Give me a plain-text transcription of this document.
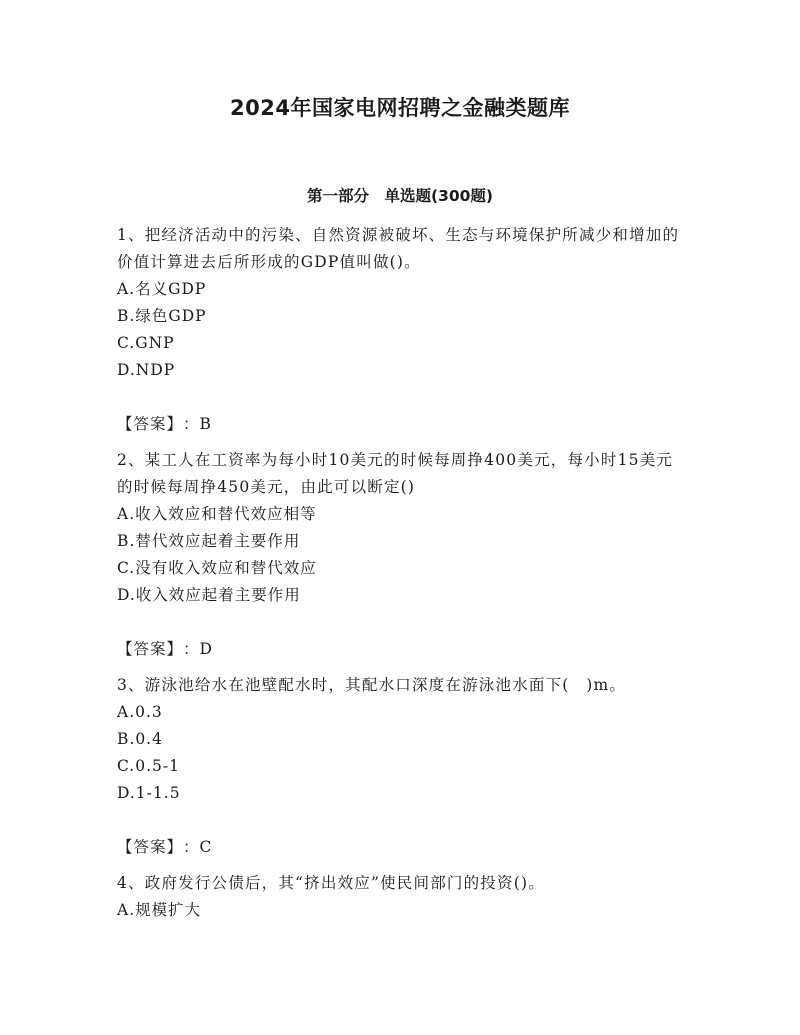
2024年国家电网招聘之金融类题库
第一部分　单选题(300题)

1、把经济活动中的污染、自然资源被破坏、生态与环境保护所减少和增加的价值计算进去后所形成的GDP值叫做()。

A.名义GDP
B.绿色GDP
C.GNP
D.NDP

【答案】 ： B

2、某工人在工资率为每小时10美元的时候每周挣400美元，每小时15美元的时候每周挣450美元，由此可以断定()

A.收入效应和替代效应相等
B.替代效应起着主要作用
C.没有收入效应和替代效应
D.收入效应起着主要作用

【答案】 ： D

3、游泳池给水在池壁配水时，其配水口深度在游泳池水面下(　)m。

A.0.3
B.0.4
C.0.5-1
D.1-1.5

【答案】 ： C

4、政府发行公债后，其“挤出效应”使民间部门的投资()。

A.规模扩大
